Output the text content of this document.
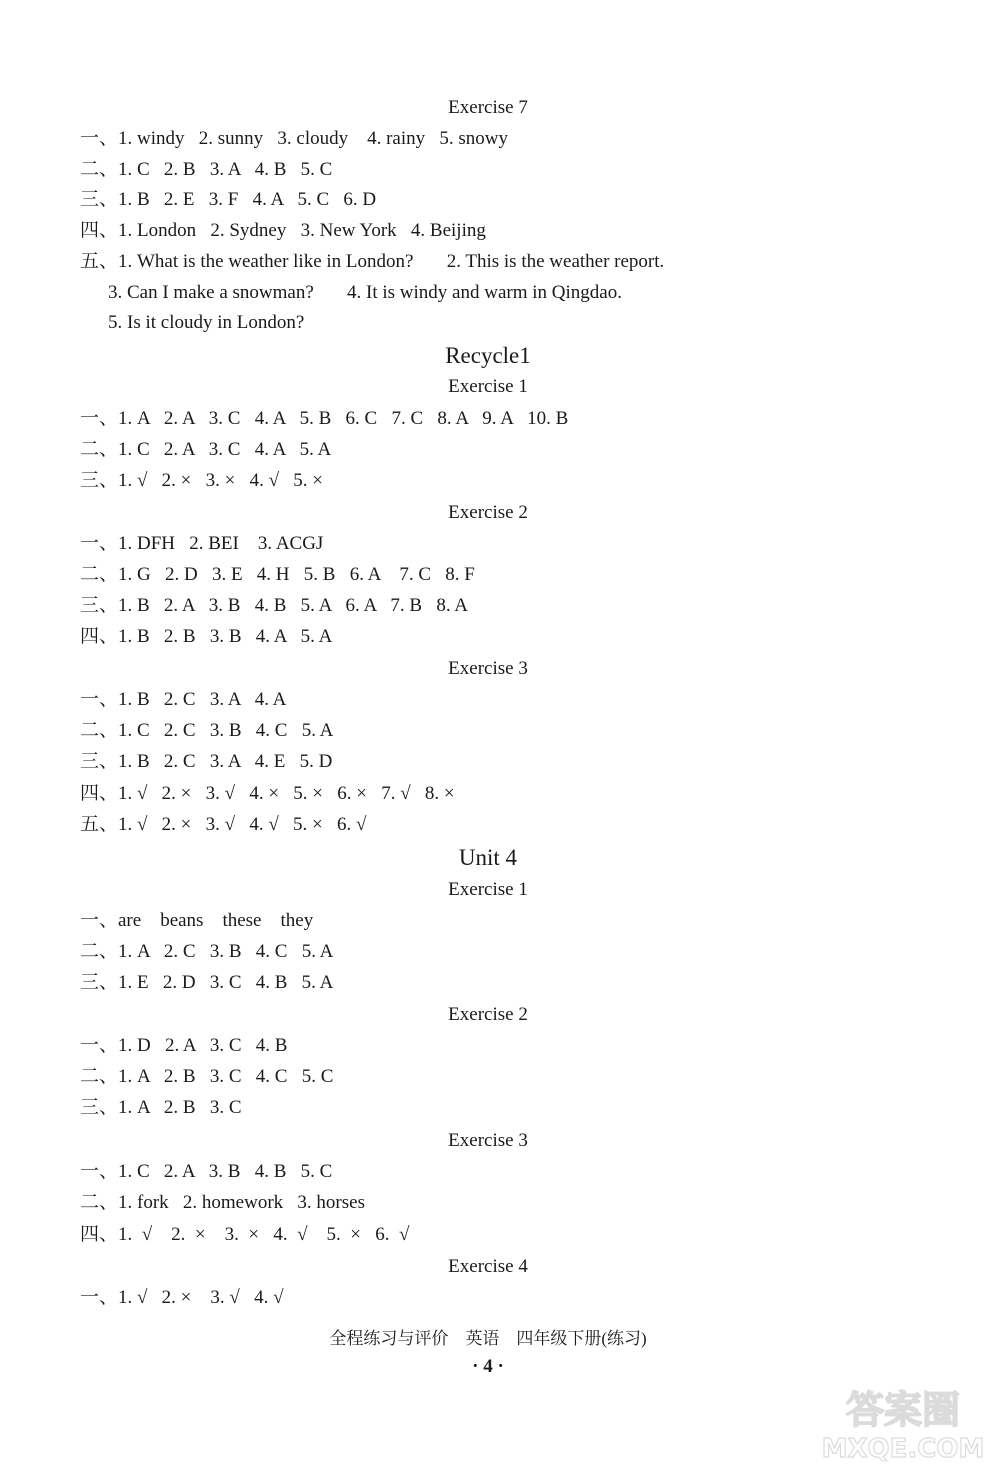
Exercise 7
一、1. windy   2. sunny   3. cloudy    4. rainy   5. snowy
二、1. C   2. B   3. A   4. B   5. C
三、1. B   2. E   3. F   4. A   5. C   6. D
四、1. London   2. Sydney   3. New York   4. Beijing
五、1. What is the weather like in London?       2. This is the weather report.
3. Can I make a snowman?       4. It is windy and warm in Qingdao.
5. Is it cloudy in London?
Recycle1
Exercise 1
一、1. A   2. A   3. C   4. A   5. B   6. C   7. C   8. A   9. A   10. B
二、1. C   2. A   3. C   4. A   5. A
三、1. √   2. ×   3. ×   4. √   5. ×
Exercise 2
一、1. DFH   2. BEI    3. ACGJ
二、1. G   2. D   3. E   4. H   5. B   6. A    7. C   8. F
三、1. B   2. A   3. B   4. B   5. A   6. A   7. B   8. A
四、1. B   2. B   3. B   4. A   5. A
Exercise 3
一、1. B   2. C   3. A   4. A
二、1. C   2. C   3. B   4. C   5. A
三、1. B   2. C   3. A   4. E   5. D
四、1. √   2. ×   3. √   4. ×   5. ×   6. ×   7. √   8. ×
五、1. √   2. ×   3. √   4. √   5. ×   6. √
Unit 4
Exercise 1
一、are    beans    these    they
二、1. A   2. C   3. B   4. C   5. A
三、1. E   2. D   3. C   4. B   5. A
Exercise 2
一、1. D   2. A   3. C   4. B
二、1. A   2. B   3. C   4. C   5. C
三、1. A   2. B   3. C
Exercise 3
一、1. C   2. A   3. B   4. B   5. C
二、1. fork   2. homework   3. horses
四、1.  √    2.  ×    3.  ×   4.  √    5.  ×   6.  √
Exercise 4
一、1. √   2. ×    3. √   4. √
全程练习与评价    英语    四年级下册(练习)
· 4 ·
答案圈
MXQE.COM
